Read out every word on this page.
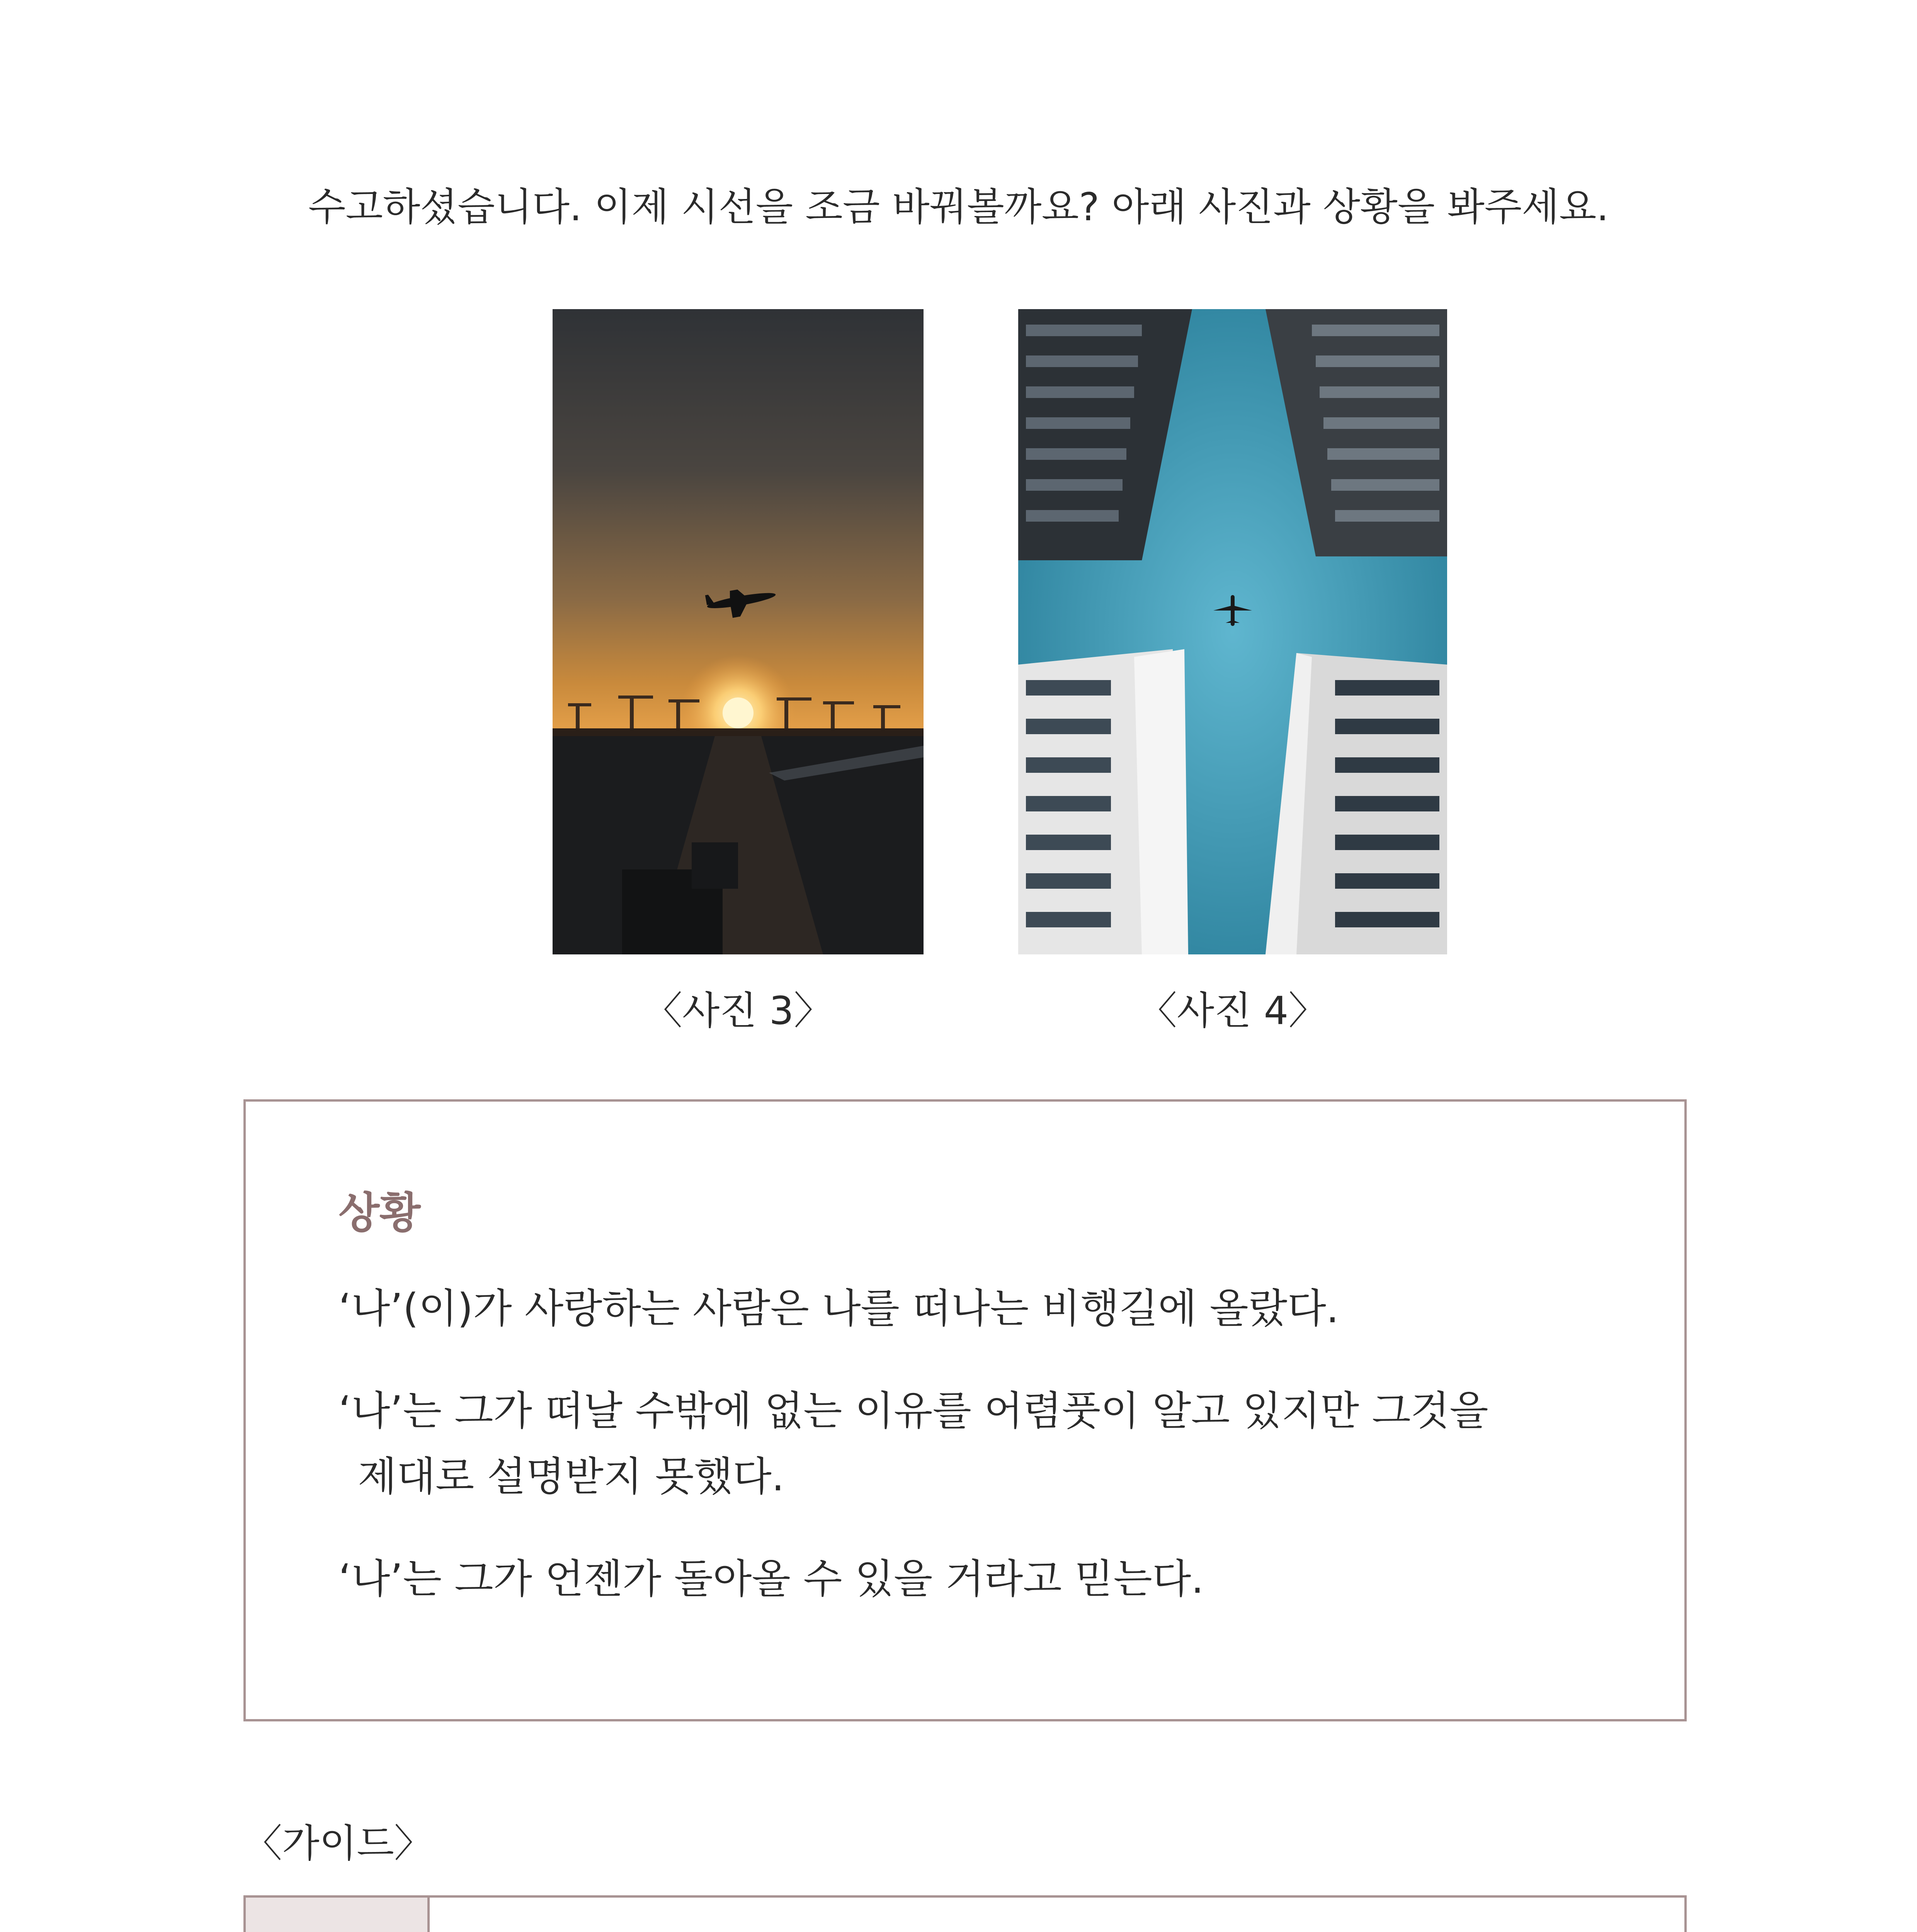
수고하셨습니다. 이제 시선을 조금 바꿔볼까요? 아래 사진과 상황을 봐주세요.
〈사진 3〉	〈사진 4〉
상황
‘나’(이)가 사랑하는 사람은 나를 떠나는 비행길에 올랐다.
‘나’는 그가 떠날 수밖에 없는 이유를 어렴풋이 알고 있지만 그것을
제대로 설명받지 못했다.
‘나’는 그가 언젠가 돌아올 수 있을 거라고 믿는다.
〈가이드〉
